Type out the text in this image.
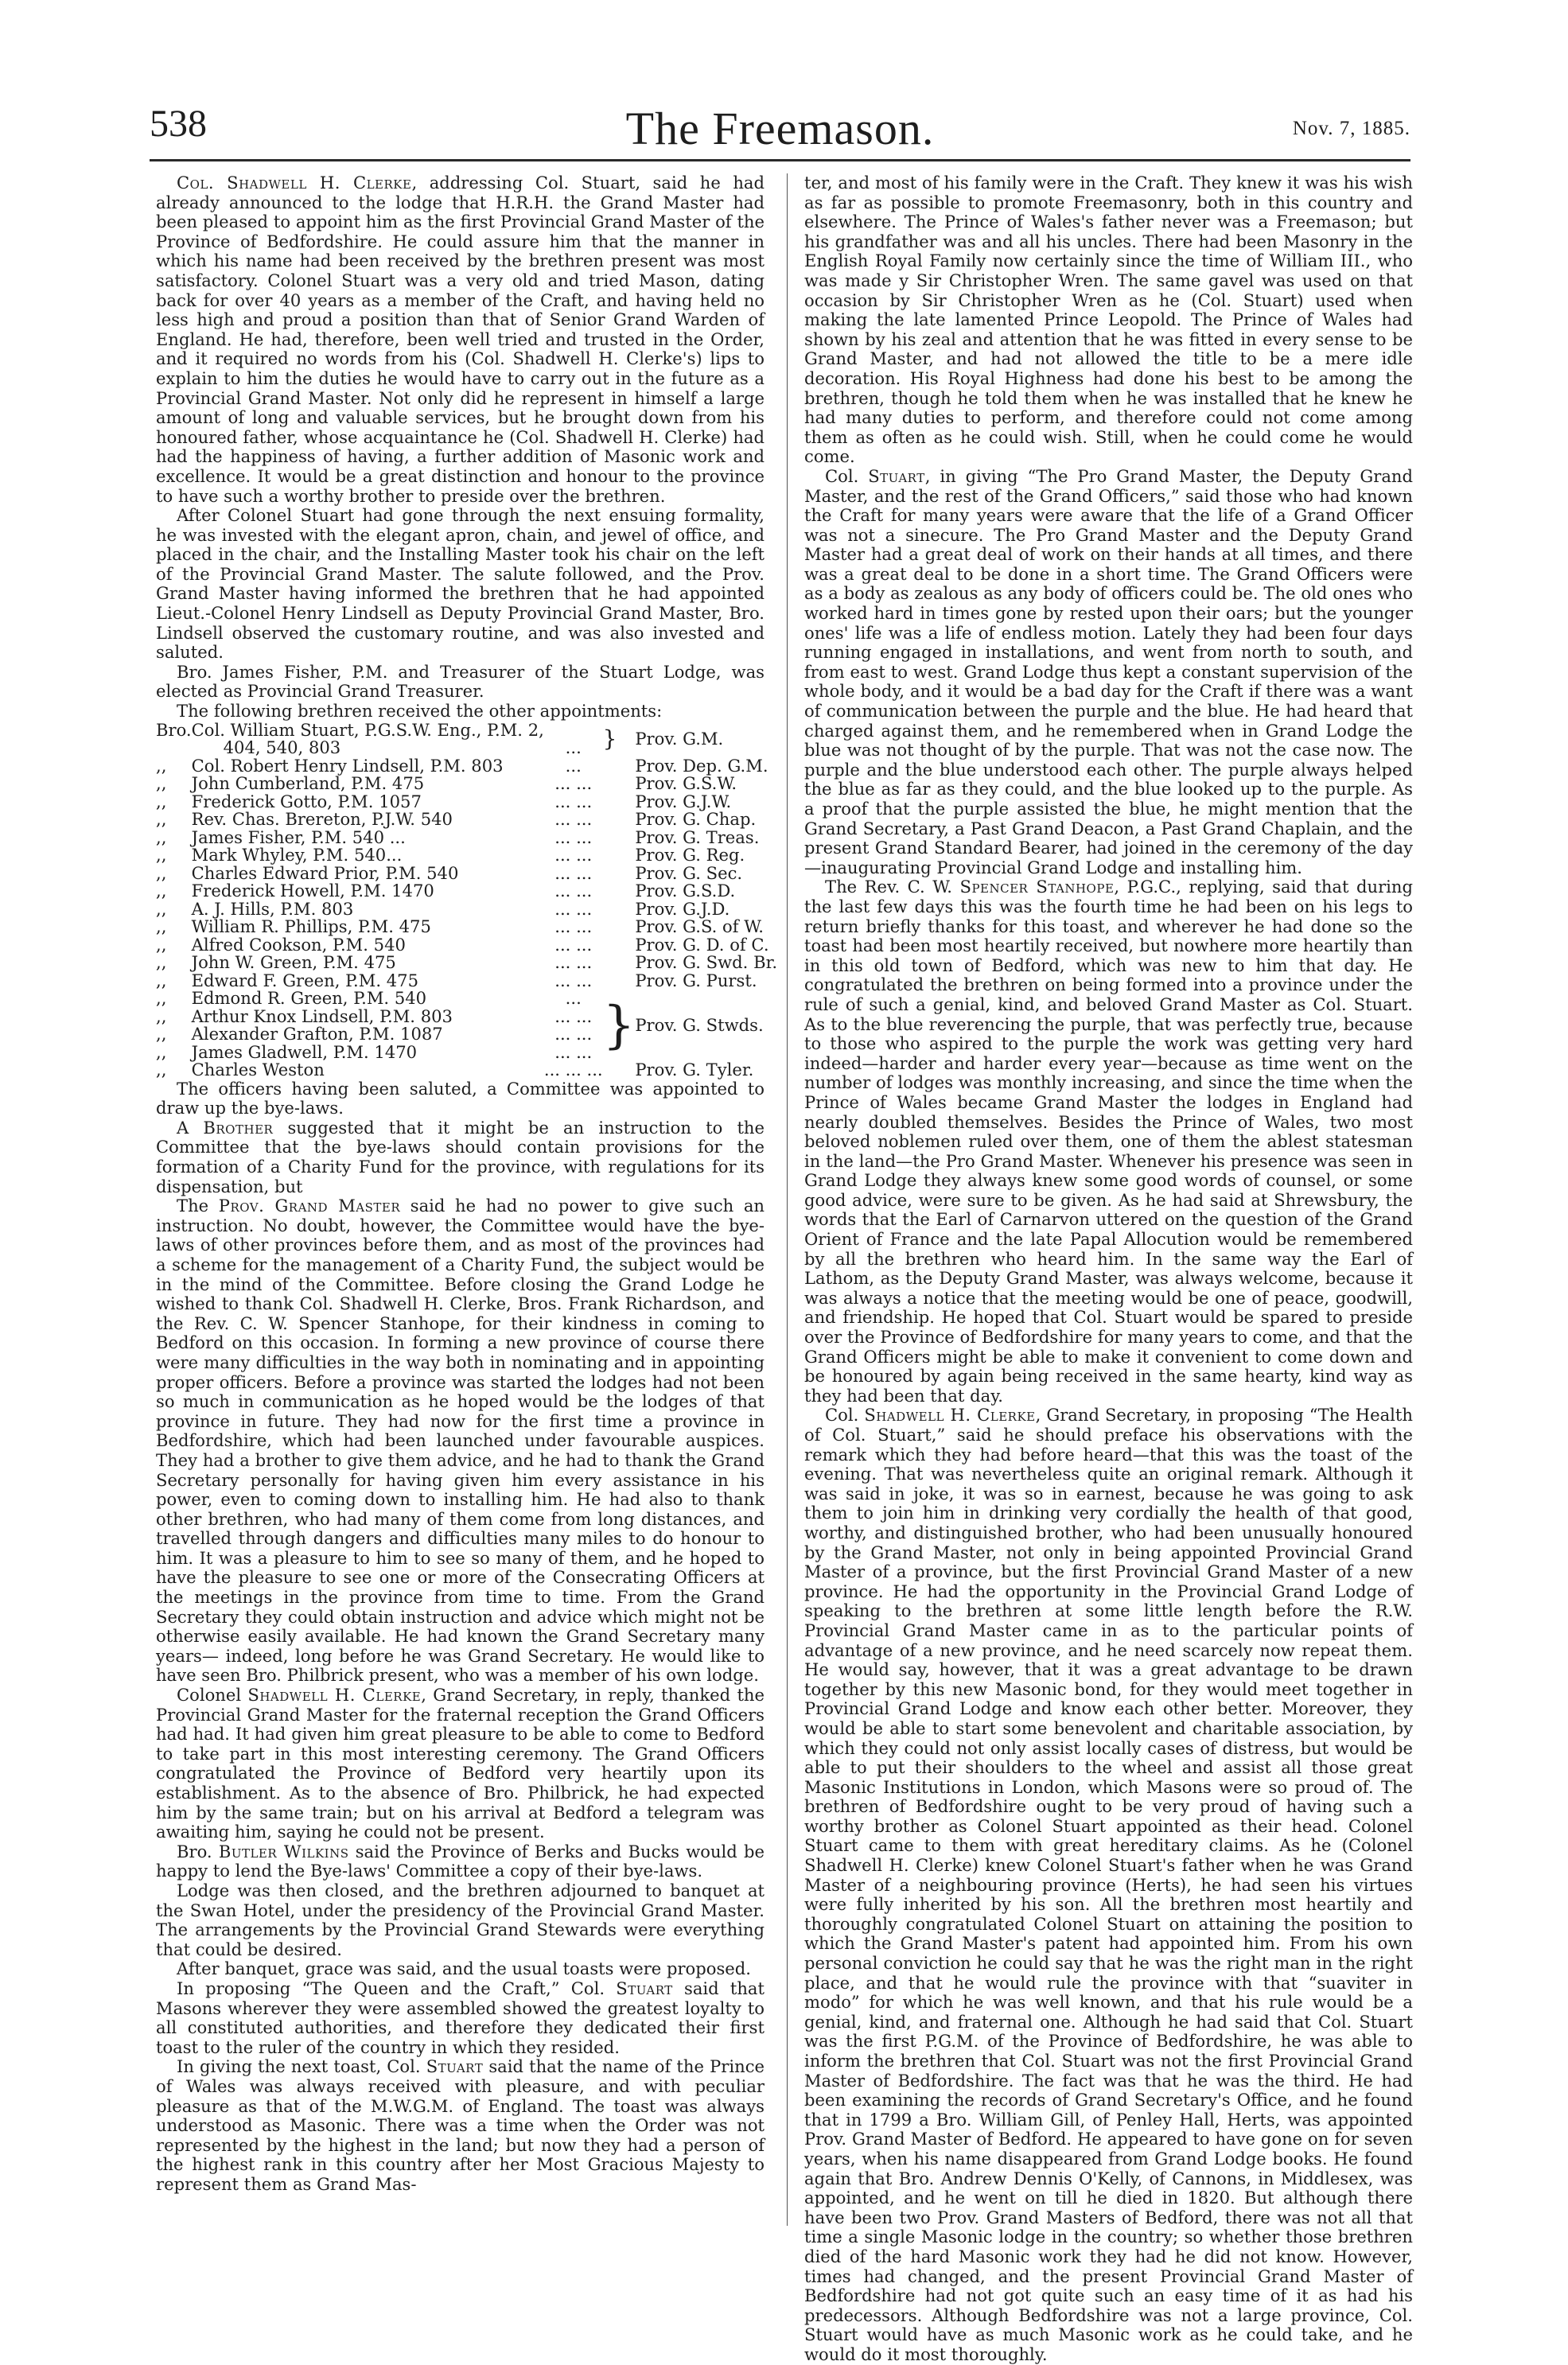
538	The Freemason.	Nov. 7, 1885.

Col. Shadwell H. Clerke, addressing Col. Stuart, said he had already announced to the lodge that H.R.H. the Grand Master had been pleased to appoint him as the first Provincial Grand Master of the Province of Bedfordshire. He could assure him that the manner in which his name had been received by the brethren present was most satisfactory. Colonel Stuart was a very old and tried Mason, dating back for over 40 years as a member of the Craft, and having held no less high and proud a position than that of Senior Grand Warden of England. He had, therefore, been well tried and trusted in the Order, and it required no words from his (Col. Shadwell H. Clerke's) lips to explain to him the duties he would have to carry out in the future as a Provincial Grand Master. Not only did he represent in himself a large amount of long and valuable services, but he brought down from his honoured father, whose acquaintance he (Col. Shadwell H. Clerke) had had the happiness of having, a further addition of Masonic work and excellence. It would be a great distinction and honour to the province to have such a worthy brother to preside over the brethren.

After Colonel Stuart had gone through the next ensuing formality, he was invested with the elegant apron, chain, and jewel of office, and placed in the chair, and the Installing Master took his chair on the left of the Provincial Grand Master. The salute followed, and the Prov. Grand Master having informed the brethren that he had appointed Lieut.-Colonel Henry Lindsell as Deputy Provincial Grand Master, Bro. Lindsell observed the customary routine, and was also invested and saluted.

Bro. James Fisher, P.M. and Treasurer of the Stuart Lodge, was elected as Provincial Grand Treasurer.

The following brethren received the other appointments:

Bro.	Col. William Stuart, P.G.S.W. Eng., P.M. 2,
404, 540, 803	...	}	Prov. G.M.
,,	Col. Robert Henry Lindsell, P.M. 803	...		Prov. Dep. G.M.
,,	John Cumberland, P.M. 475	... ...		Prov. G.S.W.
,,	Frederick Gotto, P.M. 1057	... ...		Prov. G.J.W.
,,	Rev. Chas. Brereton, P.J.W. 540	... ...		Prov. G. Chap.
,,	James Fisher, P.M. 540 ...	... ...		Prov. G. Treas.
,,	Mark Whyley, P.M. 540...	... ...		Prov. G. Reg.
,,	Charles Edward Prior, P.M. 540	... ...		Prov. G. Sec.
,,	Frederick Howell, P.M. 1470	... ...		Prov. G.S.D.
,,	A. J. Hills, P.M. 803	... ...		Prov. G.J.D.
,,	William R. Phillips, P.M. 475	... ...		Prov. G.S. of W.
,,	Alfred Cookson, P.M. 540	... ...		Prov. G. D. of C.
,,	John W. Green, P.M. 475	... ...		Prov. G. Swd. Br.
,,	Edward F. Green, P.M. 475	... ...		Prov. G. Purst.
,,	Edmond R. Green, P.M. 540	...	}	Prov. G. Stwds.
,,	Arthur Knox Lindsell, P.M. 803	... ...		
,,	Alexander Grafton, P.M. 1087	... ...		
,,	James Gladwell, P.M. 1470	... ...		
,,	Charles Weston	... ... ...		Prov. G. Tyler.

The officers having been saluted, a Committee was appointed to draw up the bye-laws.

A Brother suggested that it might be an instruction to the Committee that the bye-laws should contain provisions for the formation of a Charity Fund for the province, with regulations for its dispensation, but

The Prov. Grand Master said he had no power to give such an instruction. No doubt, however, the Committee would have the bye-laws of other provinces before them, and as most of the provinces had a scheme for the management of a Charity Fund, the subject would be in the mind of the Committee. Before closing the Grand Lodge he wished to thank Col. Shadwell H. Clerke, Bros. Frank Richardson, and the Rev. C. W. Spencer Stanhope, for their kindness in coming to Bedford on this occasion. In forming a new province of course there were many difficulties in the way both in nominating and in appointing proper officers. Before a province was started the lodges had not been so much in communication as he hoped would be the lodges of that province in future. They had now for the first time a province in Bedfordshire, which had been launched under favourable auspices. They had a brother to give them advice, and he had to thank the Grand Secretary personally for having given him every assistance in his power, even to coming down to installing him. He had also to thank other brethren, who had many of them come from long distances, and travelled through dangers and difficulties many miles to do honour to him. It was a pleasure to him to see so many of them, and he hoped to have the pleasure to see one or more of the Consecrating Officers at the meetings in the province from time to time. From the Grand Secretary they could obtain instruction and advice which might not be otherwise easily available. He had known the Grand Secretary many years— indeed, long before he was Grand Secretary. He would like to have seen Bro. Philbrick present, who was a member of his own lodge.

Colonel Shadwell H. Clerke, Grand Secretary, in reply, thanked the Provincial Grand Master for the fraternal reception the Grand Officers had had. It had given him great pleasure to be able to come to Bedford to take part in this most interesting ceremony. The Grand Officers congratulated the Province of Bedford very heartily upon its establishment. As to the absence of Bro. Philbrick, he had expected him by the same train; but on his arrival at Bedford a telegram was awaiting him, saying he could not be present.

Bro. Butler Wilkins said the Province of Berks and Bucks would be happy to lend the Bye-laws' Committee a copy of their bye-laws.

Lodge was then closed, and the brethren adjourned to banquet at the Swan Hotel, under the presidency of the Provincial Grand Master. The arrangements by the Provincial Grand Stewards were everything that could be desired.

After banquet, grace was said, and the usual toasts were proposed.

In proposing “The Queen and the Craft,” Col. Stuart said that Masons wherever they were assembled showed the greatest loyalty to all constituted authorities, and therefore they dedicated their first toast to the ruler of the country in which they resided.

In giving the next toast, Col. Stuart said that the name of the Prince of Wales was always received with pleasure, and with peculiar pleasure as that of the M.W.G.M. of England. The toast was always understood as Masonic. There was a time when the Order was not represented by the highest in the land; but now they had a person of the highest rank in this country after her Most Gracious Majesty to represent them as Grand Mas-

ter, and most of his family were in the Craft. They knew it was his wish as far as possible to promote Freemasonry, both in this country and elsewhere. The Prince of Wales's father never was a Freemason; but his grandfather was and all his uncles. There had been Masonry in the English Royal Family now certainly since the time of William III., who was made y Sir Christopher Wren. The same gavel was used on that occasion by Sir Christopher Wren as he (Col. Stuart) used when making the late lamented Prince Leopold. The Prince of Wales had shown by his zeal and attention that he was fitted in every sense to be Grand Master, and had not allowed the title to be a mere idle decoration. His Royal Highness had done his best to be among the brethren, though he told them when he was installed that he knew he had many duties to perform, and therefore could not come among them as often as he could wish. Still, when he could come he would come.

Col. Stuart, in giving “The Pro Grand Master, the Deputy Grand Master, and the rest of the Grand Officers,” said those who had known the Craft for many years were aware that the life of a Grand Officer was not a sinecure. The Pro Grand Master and the Deputy Grand Master had a great deal of work on their hands at all times, and there was a great deal to be done in a short time. The Grand Officers were as a body as zealous as any body of officers could be. The old ones who worked hard in times gone by rested upon their oars; but the younger ones' life was a life of endless motion. Lately they had been four days running engaged in installations, and went from north to south, and from east to west. Grand Lodge thus kept a constant supervision of the whole body, and it would be a bad day for the Craft if there was a want of communication between the purple and the blue. He had heard that charged against them, and he remembered when in Grand Lodge the blue was not thought of by the purple. That was not the case now. The purple and the blue understood each other. The purple always helped the blue as far as they could, and the blue looked up to the purple. As a proof that the purple assisted the blue, he might mention that the Grand Secretary, a Past Grand Deacon, a Past Grand Chaplain, and the present Grand Standard Bearer, had joined in the ceremony of the day—inaugurating Provincial Grand Lodge and installing him.

The Rev. C. W. Spencer Stanhope, P.G.C., replying, said that during the last few days this was the fourth time he had been on his legs to return briefly thanks for this toast, and wherever he had done so the toast had been most heartily received, but nowhere more heartily than in this old town of Bedford, which was new to him that day. He congratulated the brethren on being formed into a province under the rule of such a genial, kind, and beloved Grand Master as Col. Stuart. As to the blue reverencing the purple, that was perfectly true, because to those who aspired to the purple the work was getting very hard indeed—harder and harder every year—because as time went on the number of lodges was monthly increasing, and since the time when the Prince of Wales became Grand Master the lodges in England had nearly doubled themselves. Besides the Prince of Wales, two most beloved noblemen ruled over them, one of them the ablest statesman in the land—the Pro Grand Master. Whenever his presence was seen in Grand Lodge they always knew some good words of counsel, or some good advice, were sure to be given. As he had said at Shrewsbury, the words that the Earl of Carnarvon uttered on the question of the Grand Orient of France and the late Papal Allocution would be remembered by all the brethren who heard him. In the same way the Earl of Lathom, as the Deputy Grand Master, was always welcome, because it was always a notice that the meeting would be one of peace, goodwill, and friendship. He hoped that Col. Stuart would be spared to preside over the Province of Bedfordshire for many years to come, and that the Grand Officers might be able to make it convenient to come down and be honoured by again being received in the same hearty, kind way as they had been that day.

Col. Shadwell H. Clerke, Grand Secretary, in proposing “The Health of Col. Stuart,” said he should preface his observations with the remark which they had before heard—that this was the toast of the evening. That was nevertheless quite an original remark. Although it was said in joke, it was so in earnest, because he was going to ask them to join him in drinking very cordially the health of that good, worthy, and distinguished brother, who had been unusually honoured by the Grand Master, not only in being appointed Provincial Grand Master of a province, but the first Provincial Grand Master of a new province. He had the opportunity in the Provincial Grand Lodge of speaking to the brethren at some little length before the R.W. Provincial Grand Master came in as to the particular points of advantage of a new province, and he need scarcely now repeat them. He would say, however, that it was a great advantage to be drawn together by this new Masonic bond, for they would meet together in Provincial Grand Lodge and know each other better. Moreover, they would be able to start some benevolent and charitable association, by which they could not only assist locally cases of distress, but would be able to put their shoulders to the wheel and assist all those great Masonic Institutions in London, which Masons were so proud of. The brethren of Bedfordshire ought to be very proud of having such a worthy brother as Colonel Stuart appointed as their head. Colonel Stuart came to them with great hereditary claims. As he (Colonel Shadwell H. Clerke) knew Colonel Stuart's father when he was Grand Master of a neighbouring province (Herts), he had seen his virtues were fully inherited by his son. All the brethren most heartily and thoroughly congratulated Colonel Stuart on attaining the position to which the Grand Master's patent had appointed him. From his own personal conviction he could say that he was the right man in the right place, and that he would rule the province with that “suaviter in modo” for which he was well known, and that his rule would be a genial, kind, and fraternal one. Although he had said that Col. Stuart was the first P.G.M. of the Province of Bedfordshire, he was able to inform the brethren that Col. Stuart was not the first Provincial Grand Master of Bedfordshire. The fact was that he was the third. He had been examining the records of Grand Secretary's Office, and he found that in 1799 a Bro. William Gill, of Penley Hall, Herts, was appointed Prov. Grand Master of Bedford. He appeared to have gone on for seven years, when his name disappeared from Grand Lodge books. He found again that Bro. Andrew Dennis O'Kelly, of Cannons, in Middlesex, was appointed, and he went on till he died in 1820. But although there have been two Prov. Grand Masters of Bedford, there was not all that time a single Masonic lodge in the country; so whether those brethren died of the hard Masonic work they had he did not know. However, times had changed, and the present Provincial Grand Master of Bedfordshire had not got quite such an easy time of it as had his predecessors. Although Bedfordshire was not a large province, Col. Stuart would have as much Masonic work as he could take, and he would do it most thoroughly.
